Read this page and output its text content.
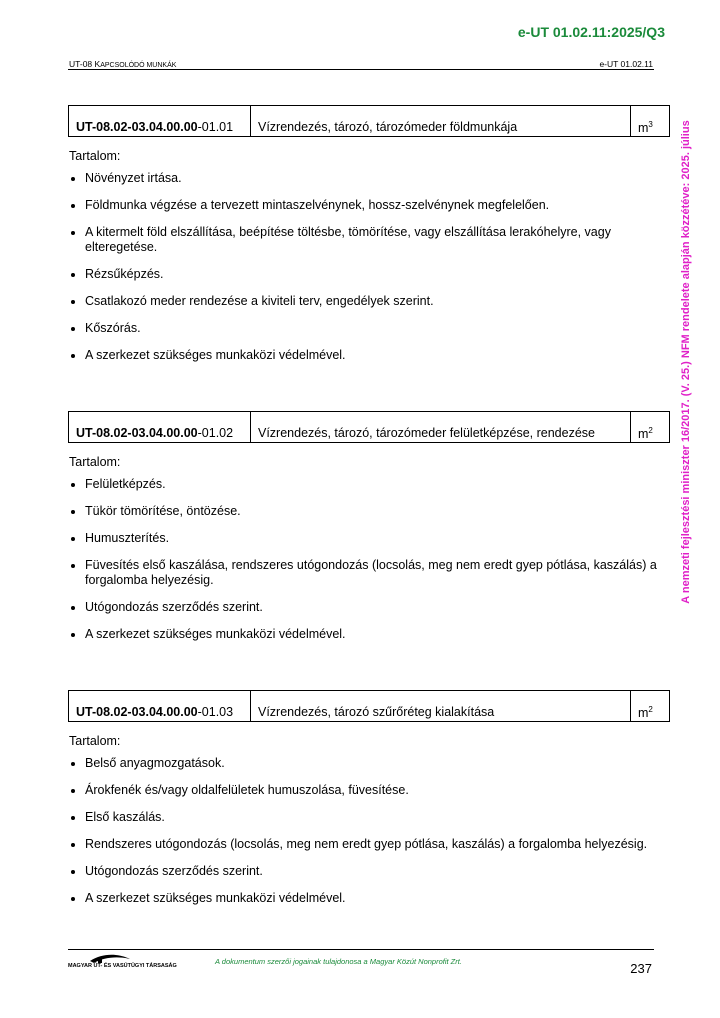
e-UT 01.02.11:2025/Q3
UT-08 KAPCSOLÓDÓ MUNKÁK	e-UT 01.02.11
A nemzeti fejlesztési miniszter 16/2017. (V. 25.) NFM rendelete alapján közzétéve: 2025. július
UT-08.02-03.04.00.00-01.01	Vízrendezés, tározó, tározómeder földmunkája	$m^3$
Tartalom:
Növényzet irtása.
Földmunka végzése a tervezett mintaszelvénynek, hossz-szelvénynek megfelelően.
A kitermelt föld elszállítása, beépítése töltésbe, tömörítése, vagy elszállítása lerakóhelyre, vagy elteregetése.
Rézsűképzés.
Csatlakozó meder rendezése a kiviteli terv, engedélyek szerint.
Kőszórás.
A szerkezet szükséges munkaközi védelmével.
UT-08.02-03.04.00.00-01.02	Vízrendezés, tározó, tározómeder felületképzése, rendezése	$m^2$
Tartalom:
Felületképzés.
Tükör tömörítése, öntözése.
Humuszterítés.
Füvesítés első kaszálása, rendszeres utógondozás (locsolás, meg nem eredt gyep pótlása, kaszálás) a forgalomba helyezésig.
Utógondozás szerződés szerint.
A szerkezet szükséges munkaközi védelmével.
UT-08.02-03.04.00.00-01.03	Vízrendezés, tározó szűrőréteg kialakítása	$m^2$
Tartalom:
Belső anyagmozgatások.
Árokfenék és/vagy oldalfelületek humuszolása, füvesítése.
Első kaszálás.
Rendszeres utógondozás (locsolás, meg nem eredt gyep pótlása, kaszálás) a forgalomba helyezésig.
Utógondozás szerződés szerint.
A szerkezet szükséges munkaközi védelmével.
MAGYAR ÚT- ÉS VASÚTÜGYI TÁRSASÁG	A dokumentum szerzői jogainak tulajdonosa a Magyar Közút Nonprofit Zrt.	237
